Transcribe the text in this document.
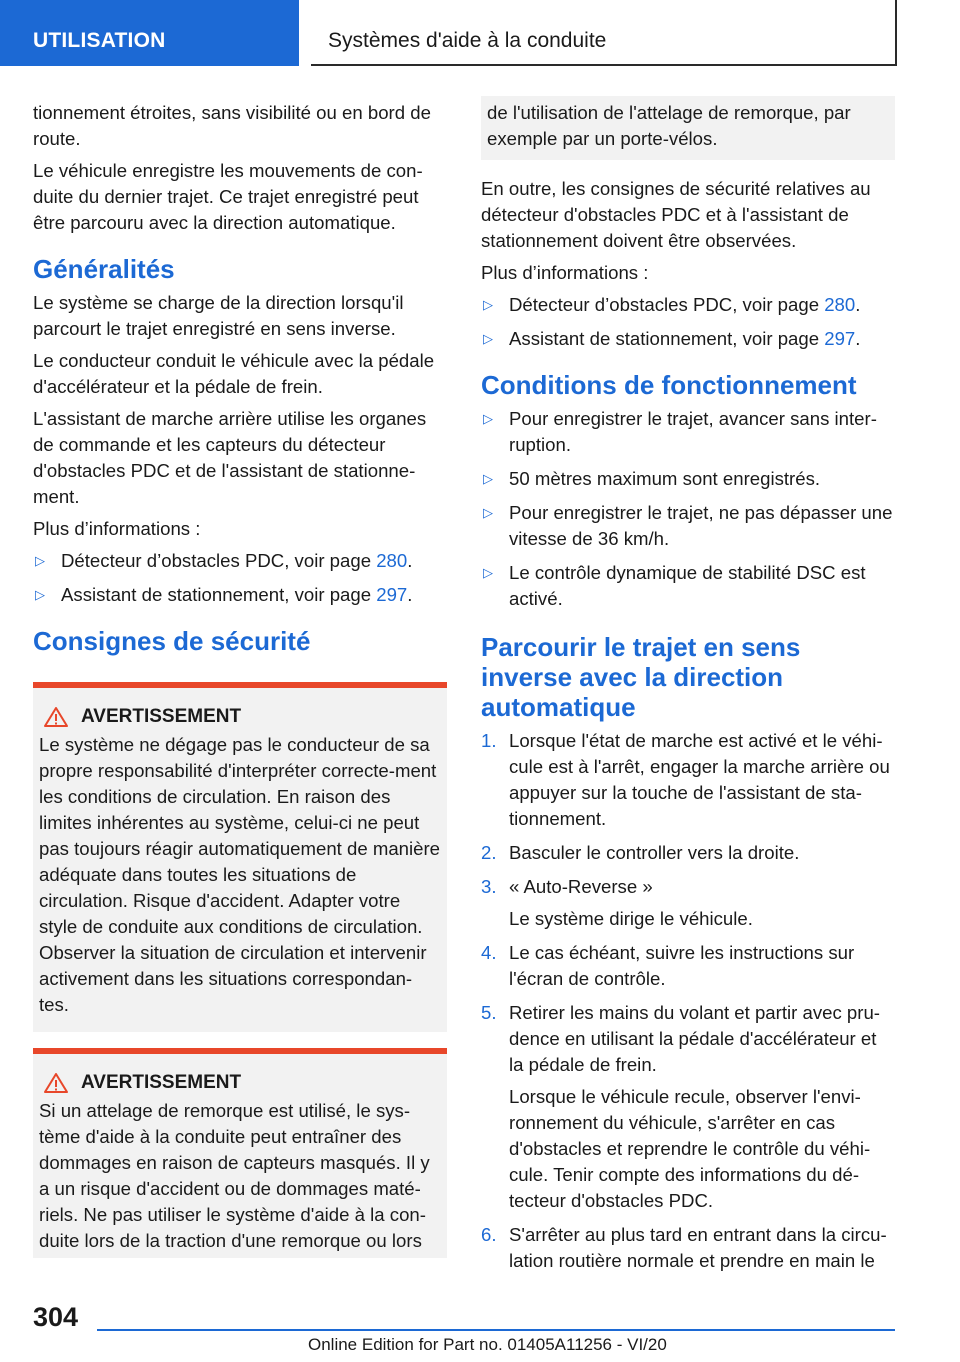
UTILISATION	Systèmes d'aide à la conduite

tionnement étroites, sans visibilité ou en bord de route.

Le véhicule enregistre les mouvements de con-duite du dernier trajet. Ce trajet enregistré peut être parcouru avec la direction automatique.

Généralités

Le système se charge de la direction lorsqu'il parcourt le trajet enregistré en sens inverse.

Le conducteur conduit le véhicule avec la pédale d'accélérateur et la pédale de frein.

L'assistant de marche arrière utilise les organes de commande et les capteurs du détecteur d'obstacles PDC et de l'assistant de stationne-ment.

Plus d’informations :

▷ Détecteur d’obstacles PDC, voir page 280.
▷ Assistant de stationnement, voir page 297.
Consignes de sécurité
AVERTISSEMENT

Le système ne dégage pas le conducteur de sa propre responsabilité d'interpréter correcte-ment les conditions de circulation. En raison des limites inhérentes au système, celui-ci ne peut pas toujours réagir automatiquement de manière adéquate dans toutes les situations de circulation. Risque d'accident. Adapter votre style de conduite aux conditions de circulation. Observer la situation de circulation et intervenir activement dans les situations correspondan-tes.

AVERTISSEMENT

Si un attelage de remorque est utilisé, le sys-tème d'aide à la conduite peut entraîner des dommages en raison de capteurs masqués. Il y a un risque d'accident ou de dommages maté-riels. Ne pas utiliser le système d'aide à la con-duite lors de la traction d'une remorque ou lors

de l'utilisation de l'attelage de remorque, par exemple par un porte-vélos.

En outre, les consignes de sécurité relatives au détecteur d'obstacles PDC et à l'assistant de stationnement doivent être observées.

Plus d’informations :

▷ Détecteur d’obstacles PDC, voir page 280.
▷ Assistant de stationnement, voir page 297.
Conditions de fonctionnement
▷ Pour enregistrer le trajet, avancer sans inter-ruption.
▷ 50 mètres maximum sont enregistrés.
▷ Pour enregistrer le trajet, ne pas dépasser une vitesse de 36 km/h.
▷ Le contrôle dynamique de stabilité DSC est activé.
Parcourir le trajet en sens inverse avec la direction automatique
1. Lorsque l'état de marche est activé et le véhi-cule est à l'arrêt, engager la marche arrière ou appuyer sur la touche de l'assistant de sta-tionnement.
2. Basculer le controller vers la droite.
3. « Auto-Reverse »

Le système dirige le véhicule.

4. Le cas échéant, suivre les instructions sur l'écran de contrôle.
5. Retirer les mains du volant et partir avec pru-dence en utilisant la pédale d'accélérateur et la pédale de frein.

Lorsque le véhicule recule, observer l'envi-ronnement du véhicule, s'arrêter en cas d'obstacles et reprendre le contrôle du véhi-cule. Tenir compte des informations du dé-tecteur d'obstacles PDC.

6. S'arrêter au plus tard en entrant dans la circu-lation routière normale et prendre en main le
304
Online Edition for Part no. 01405A11256 - VI/20
